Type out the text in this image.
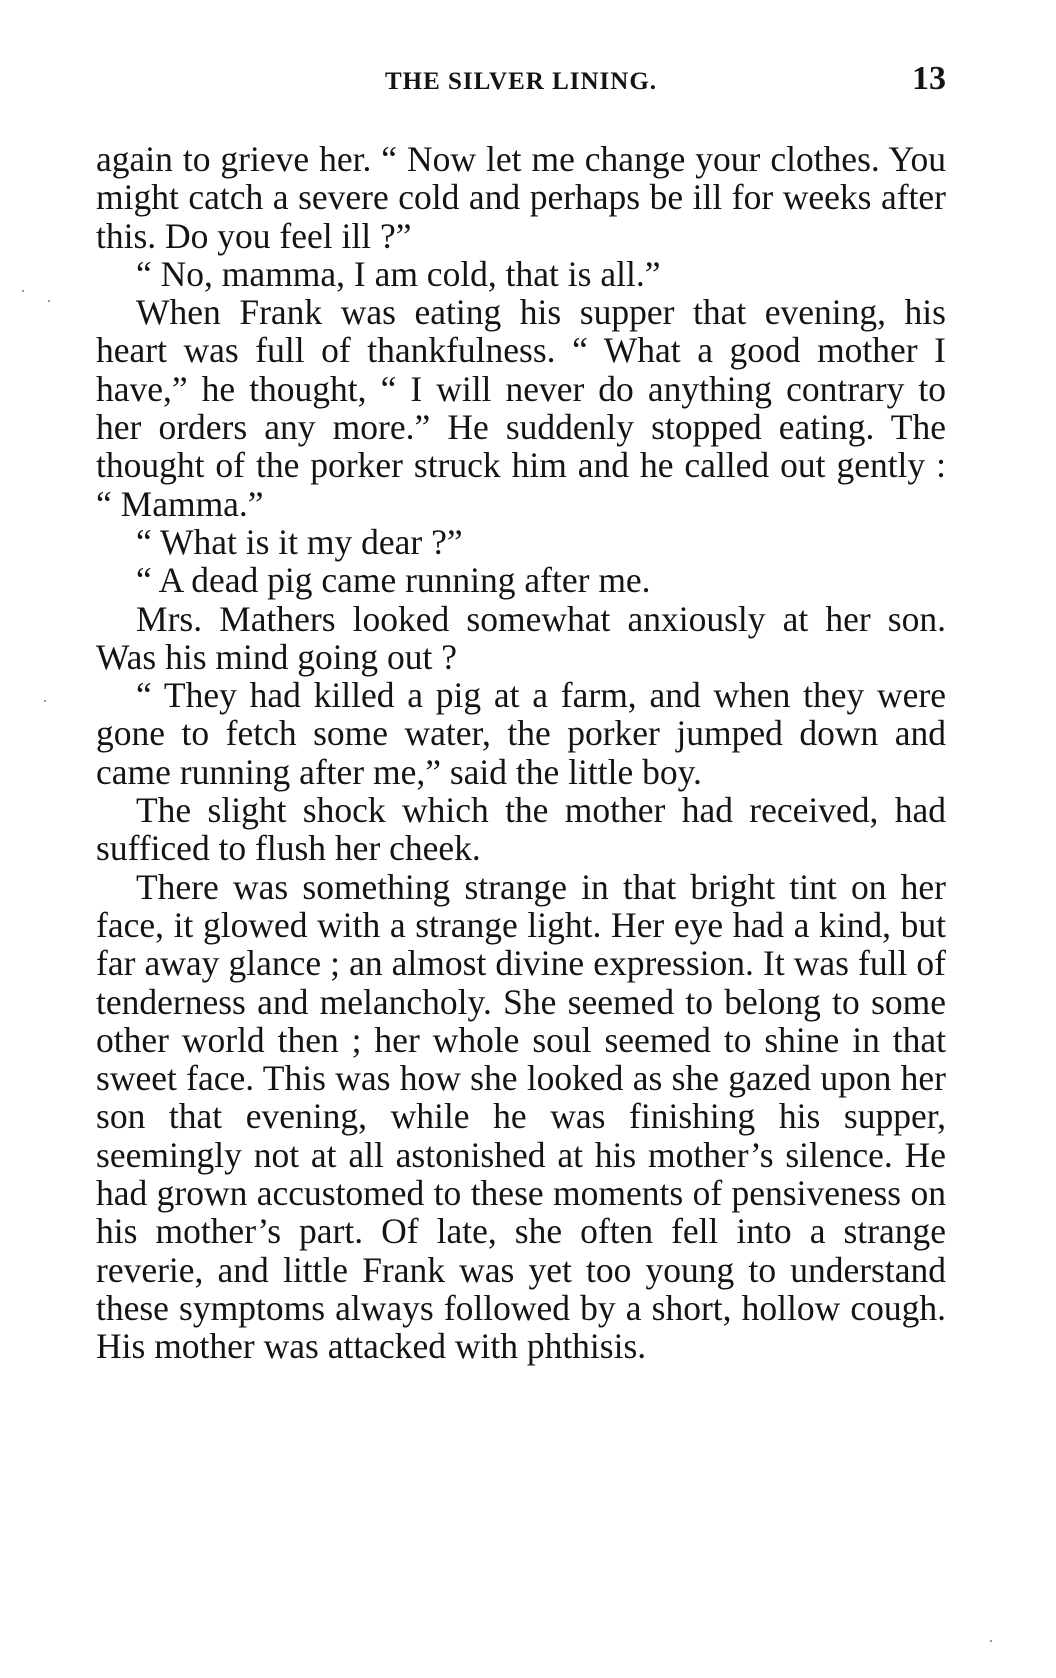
THE SILVER LINING.	13

again to grieve her. “ Now let me change your clothes. You might catch a severe cold and perhaps be ill for weeks after this. Do you feel ill ?”

“ No, mamma, I am cold, that is all.”

When Frank was eating his supper that evening, his heart was full of thankfulness. “ What a good mother I have,” he thought, “ I will never do anything contrary to her orders any more.” He suddenly stopped eating. The thought of the porker struck him and he called out gently : “ Mamma.”

“ What is it my dear ?”

“ A dead pig came running after me.

Mrs. Mathers looked somewhat anxiously at her son. Was his mind going out ?

“ They had killed a pig at a farm, and when they were gone to fetch some water, the porker jumped down and came running after me,” said the little boy.

The slight shock which the mother had received, had sufficed to flush her cheek.

There was something strange in that bright tint on her face, it glowed with a strange light. Her eye had a kind, but far away glance ; an almost divine expression. It was full of tenderness and melancholy. She seemed to belong to some other world then ; her whole soul seemed to shine in that sweet face. This was how she looked as she gazed upon her son that evening, while he was finishing his supper, seemingly not at all astonished at his mother’s silence. He had grown accustomed to these moments of pensiveness on his mother’s part. Of late, she often fell into a strange reverie, and little Frank was yet too young to understand these symptoms always followed by a short, hollow cough. His mother was attacked with phthisis.
